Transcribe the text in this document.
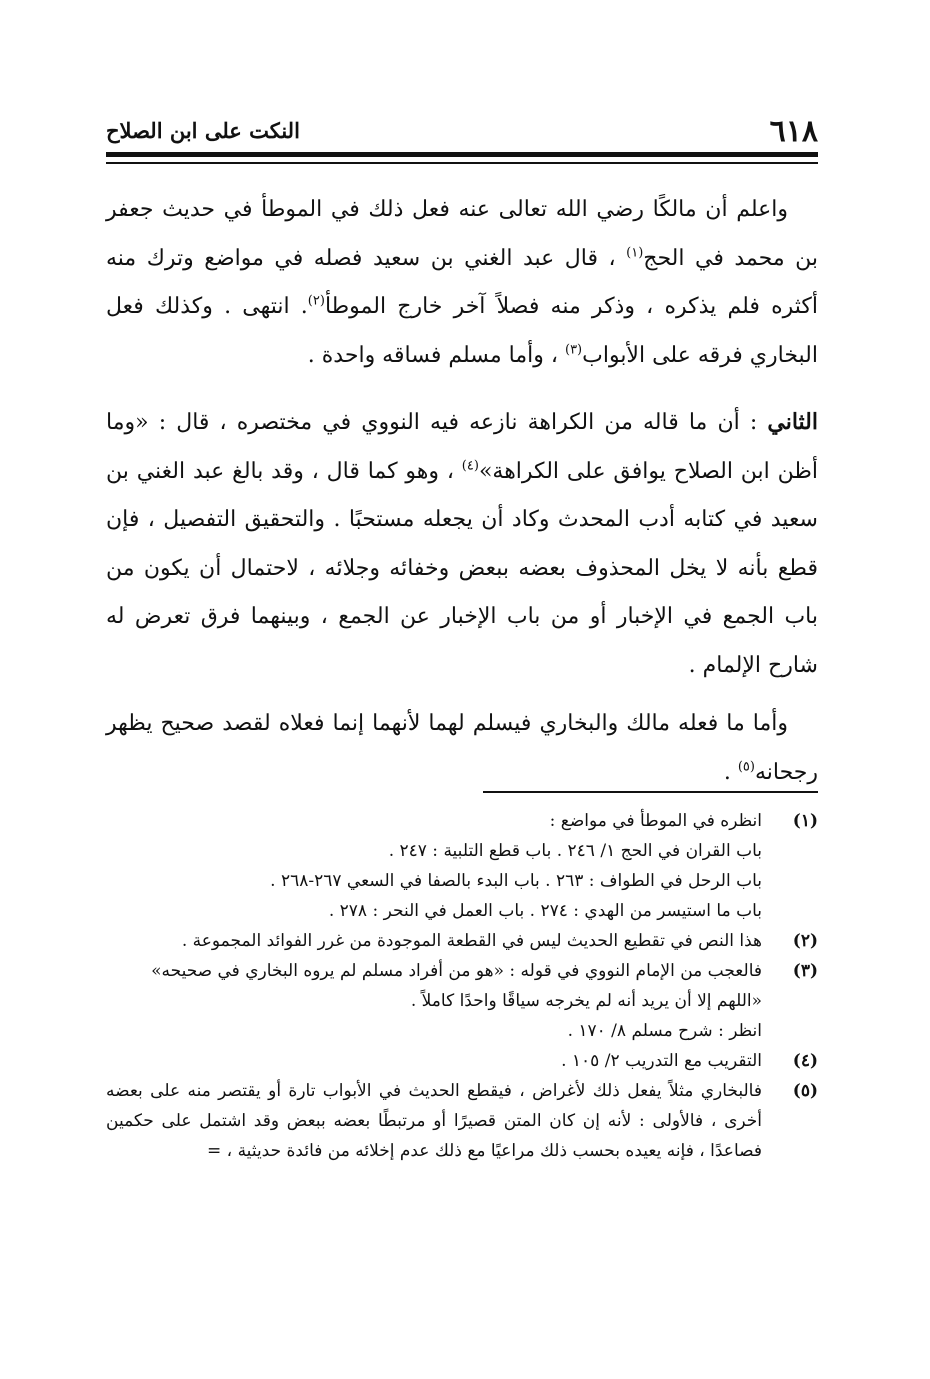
٦١٨
النكت على ابن الصلاح

واعلم أن مالكًا رضي الله تعالى عنه فعل ذلك في الموطأ في حديث جعفر بن محمد في الحج$^{(١)}$ ، قال عبد الغني بن سعيد فصله في مواضع وترك منه أكثره فلم يذكره ، وذكر منه فصلاً آخر خارج الموطأ$^{(٢)}$. انتهى . وكذلك فعل البخاري فرقه على الأبواب$^{(٣)}$ ، وأما مسلم فساقه واحدة .

الثاني : أن ما قاله من الكراهة نازعه فيه النووي في مختصره ، قال : «وما أظن ابن الصلاح يوافق على الكراهة»$^{(٤)}$ ، وهو كما قال ، وقد بالغ عبد الغني بن سعيد في كتابه أدب المحدث وكاد أن يجعله مستحبًا . والتحقيق التفصيل ، فإن قطع بأنه لا يخل المحذوف بعضه ببعض وخفائه وجلائه ، لاحتمال أن يكون من باب الجمع في الإخبار أو من باب الإخبار عن الجمع ، وبينهما فرق تعرض له شارح الإلمام .

وأما ما فعله مالك والبخاري فيسلم لهما لأنهما إنما فعلاه لقصد صحيح يظهر رجحانه$^{(٥)}$ .

(١)
انظره في الموطأ في مواضع :
باب القران في الحج ١/ ٢٤٦ . باب قطع التلبية : ٢٤٧ .
باب الرحل في الطواف : ٢٦٣ . باب البدء بالصفا في السعي ٢٦٧-٢٦٨ .
باب ما استيسر من الهدي : ٢٧٤ . باب العمل في النحر : ٢٧٨ .
(٢)
هذا النص في تقطيع الحديث ليس في القطعة الموجودة من غرر الفوائد المجموعة .
(٣)
فالعجب من الإمام النووي في قوله : «هو من أفراد مسلم لم يروه البخاري في صحيحه»
«اللهم إلا أن يريد أنه لم يخرجه سياقًا واحدًا كاملاً .
انظر : شرح مسلم ٨/ ١٧٠ .
(٤)
التقريب مع التدريب ٢/ ١٠٥ .
(٥)
فالبخاري مثلاً يفعل ذلك لأغراض ، فيقطع الحديث في الأبواب تارة أو يقتصر منه على بعضه أخرى ، فالأولى : لأنه إن كان المتن قصيرًا أو مرتبطًا بعضه ببعض وقد اشتمل على حكمين فصاعدًا ، فإنه يعيده بحسب ذلك مراعيًا مع ذلك عدم إخلائه من فائدة حديثية ، =
